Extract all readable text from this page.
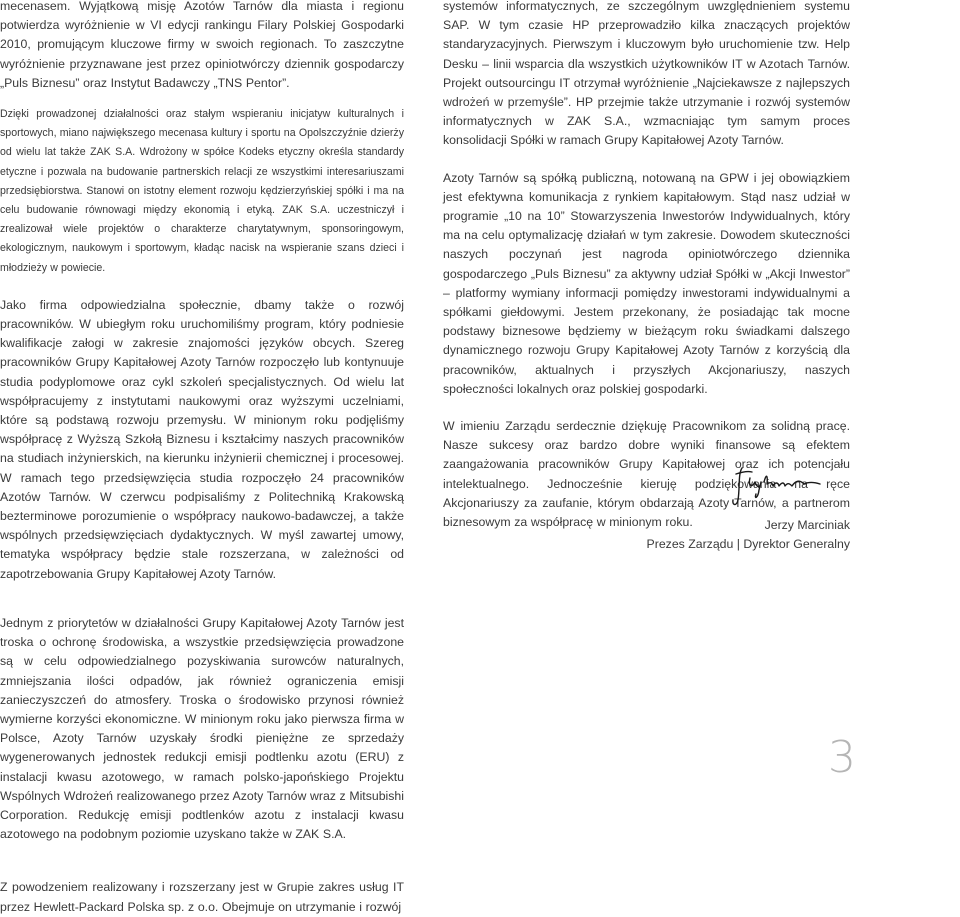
mecenasem. Wyjątkową misję Azotów Tarnów dla miasta i regionu potwierdza wyróżnienie w VI edycji rankingu Filary Polskiej Gospodarki 2010, promującym kluczowe firmy w swoich regionach. To zaszczytne wyróżnienie przyznawane jest przez opiniotwórczy dziennik gospodarczy „Puls Biznesu” oraz Instytut Badawczy „TNS Pentor”.

Dzięki prowadzonej działalności oraz stałym wspieraniu inicjatyw kulturalnych i sportowych, miano największego mecenasa kultury i sportu na Opolszczyźnie dzierży od wielu lat także ZAK S.A. Wdrożony w spółce Kodeks etyczny określa standardy etyczne i pozwala na budowanie partnerskich relacji ze wszystkimi interesariuszami przedsiębiorstwa. Stanowi on istotny element rozwoju kędzierzyńskiej spółki i ma na celu budowanie równowagi między ekonomią i etyką. ZAK S.A. uczestniczył i zrealizował wiele projektów o charakterze charytatywnym, sponsoringowym, ekologicznym, naukowym i sportowym, kładąc nacisk na wspieranie szans dzieci i młodzieży w powiecie.

Jako firma odpowiedzialna społecznie, dbamy także o rozwój pracowników. W ubiegłym roku uruchomiliśmy program, który podniesie kwalifikacje załogi w zakresie znajomości języków obcych. Szereg pracowników Grupy Kapitałowej Azoty Tarnów rozpoczęło lub kontynuuje studia podyplomowe oraz cykl szkoleń specjalistycznych. Od wielu lat współpracujemy z instytutami naukowymi oraz wyższymi uczelniami, które są podstawą rozwoju przemysłu. W minionym roku podjęliśmy współpracę z Wyższą Szkołą Biznesu i kształcimy naszych pracowników na studiach inżynierskich, na kierunku inżynierii chemicznej i procesowej. W ramach tego przedsięwzięcia studia rozpoczęło 24 pracowników Azotów Tarnów. W czerwcu podpisaliśmy z Politechniką Krakowską bezterminowe porozumienie o współpracy naukowo-badawczej, a także wspólnych przedsięwzięciach dydaktycznych. W myśl zawartej umowy, tematyka współpracy będzie stale rozszerzana, w zależności od zapotrzebowania Grupy Kapitałowej Azoty Tarnów.

Jednym z priorytetów w działalności Grupy Kapitałowej Azoty Tarnów jest troska o ochronę środowiska, a wszystkie przedsięwzięcia prowadzone są w celu odpowiedzialnego pozyskiwania surowców naturalnych, zmniejszania ilości odpadów, jak również ograniczenia emisji zanieczyszczeń do atmosfery. Troska o środowisko przynosi również wymierne korzyści ekonomiczne. W minionym roku jako pierwsza firma w Polsce, Azoty Tarnów uzyskały środki pieniężne ze sprzedaży wygenerowanych jednostek redukcji emisji podtlenku azotu (ERU) z instalacji kwasu azotowego, w ramach polsko-japońskiego Projektu Wspólnych Wdrożeń realizowanego przez Azoty Tarnów wraz z Mitsubishi Corporation. Redukcję emisji podtlenków azotu z instalacji kwasu azotowego na podobnym poziomie uzyskano także w ZAK S.A.

Z powodzeniem realizowany i rozszerzany jest w Grupie zakres usług IT przez Hewlett-Packard Polska sp. z o.o. Obejmuje on utrzymanie i rozwój

systemów informatycznych, ze szczególnym uwzględnieniem systemu SAP. W tym czasie HP przeprowadziło kilka znaczących projektów standaryzacyjnych. Pierwszym i kluczowym było uruchomienie tzw. Help Desku – linii wsparcia dla wszystkich użytkowników IT w Azotach Tarnów. Projekt outsourcingu IT otrzymał wyróżnienie „Najciekawsze z najlepszych wdrożeń w przemyśle”. HP przejmie także utrzymanie i rozwój systemów informatycznych w ZAK S.A., wzmacniając tym samym proces konsolidacji Spółki w ramach Grupy Kapitałowej Azoty Tarnów.

Azoty Tarnów są spółką publiczną, notowaną na GPW i jej obowiązkiem jest efektywna komunikacja z rynkiem kapitałowym. Stąd nasz udział w programie „10 na 10” Stowarzyszenia Inwestorów Indywidualnych, który ma na celu optymalizację działań w tym zakresie. Dowodem skuteczności naszych poczynań jest nagroda opiniotwórczego dziennika gospodarczego „Puls Biznesu” za aktywny udział Spółki w „Akcji Inwestor” – platformy wymiany informacji pomiędzy inwestorami indywidualnymi a spółkami giełdowymi. Jestem przekonany, że posiadając tak mocne podstawy biznesowe będziemy w bieżącym roku świadkami dalszego dynamicznego rozwoju Grupy Kapitałowej Azoty Tarnów z korzyścią dla pracowników, aktualnych i przyszłych Akcjonariuszy, naszych społeczności lokalnych oraz polskiej gospodarki.

W imieniu Zarządu serdecznie dziękuję Pracownikom za solidną pracę. Nasze sukcesy oraz bardzo dobre wyniki finansowe są efektem zaangażowania pracowników Grupy Kapitałowej oraz ich potencjału intelektualnego. Jednocześnie kieruję podziękowania na ręce Akcjonariuszy za zaufanie, którym obdarzają Azoty Tarnów, a partnerom biznesowym za współpracę w minionym roku.	Jerzy Marciniak
Prezes Zarządu | Dyrektor Generalny
3
